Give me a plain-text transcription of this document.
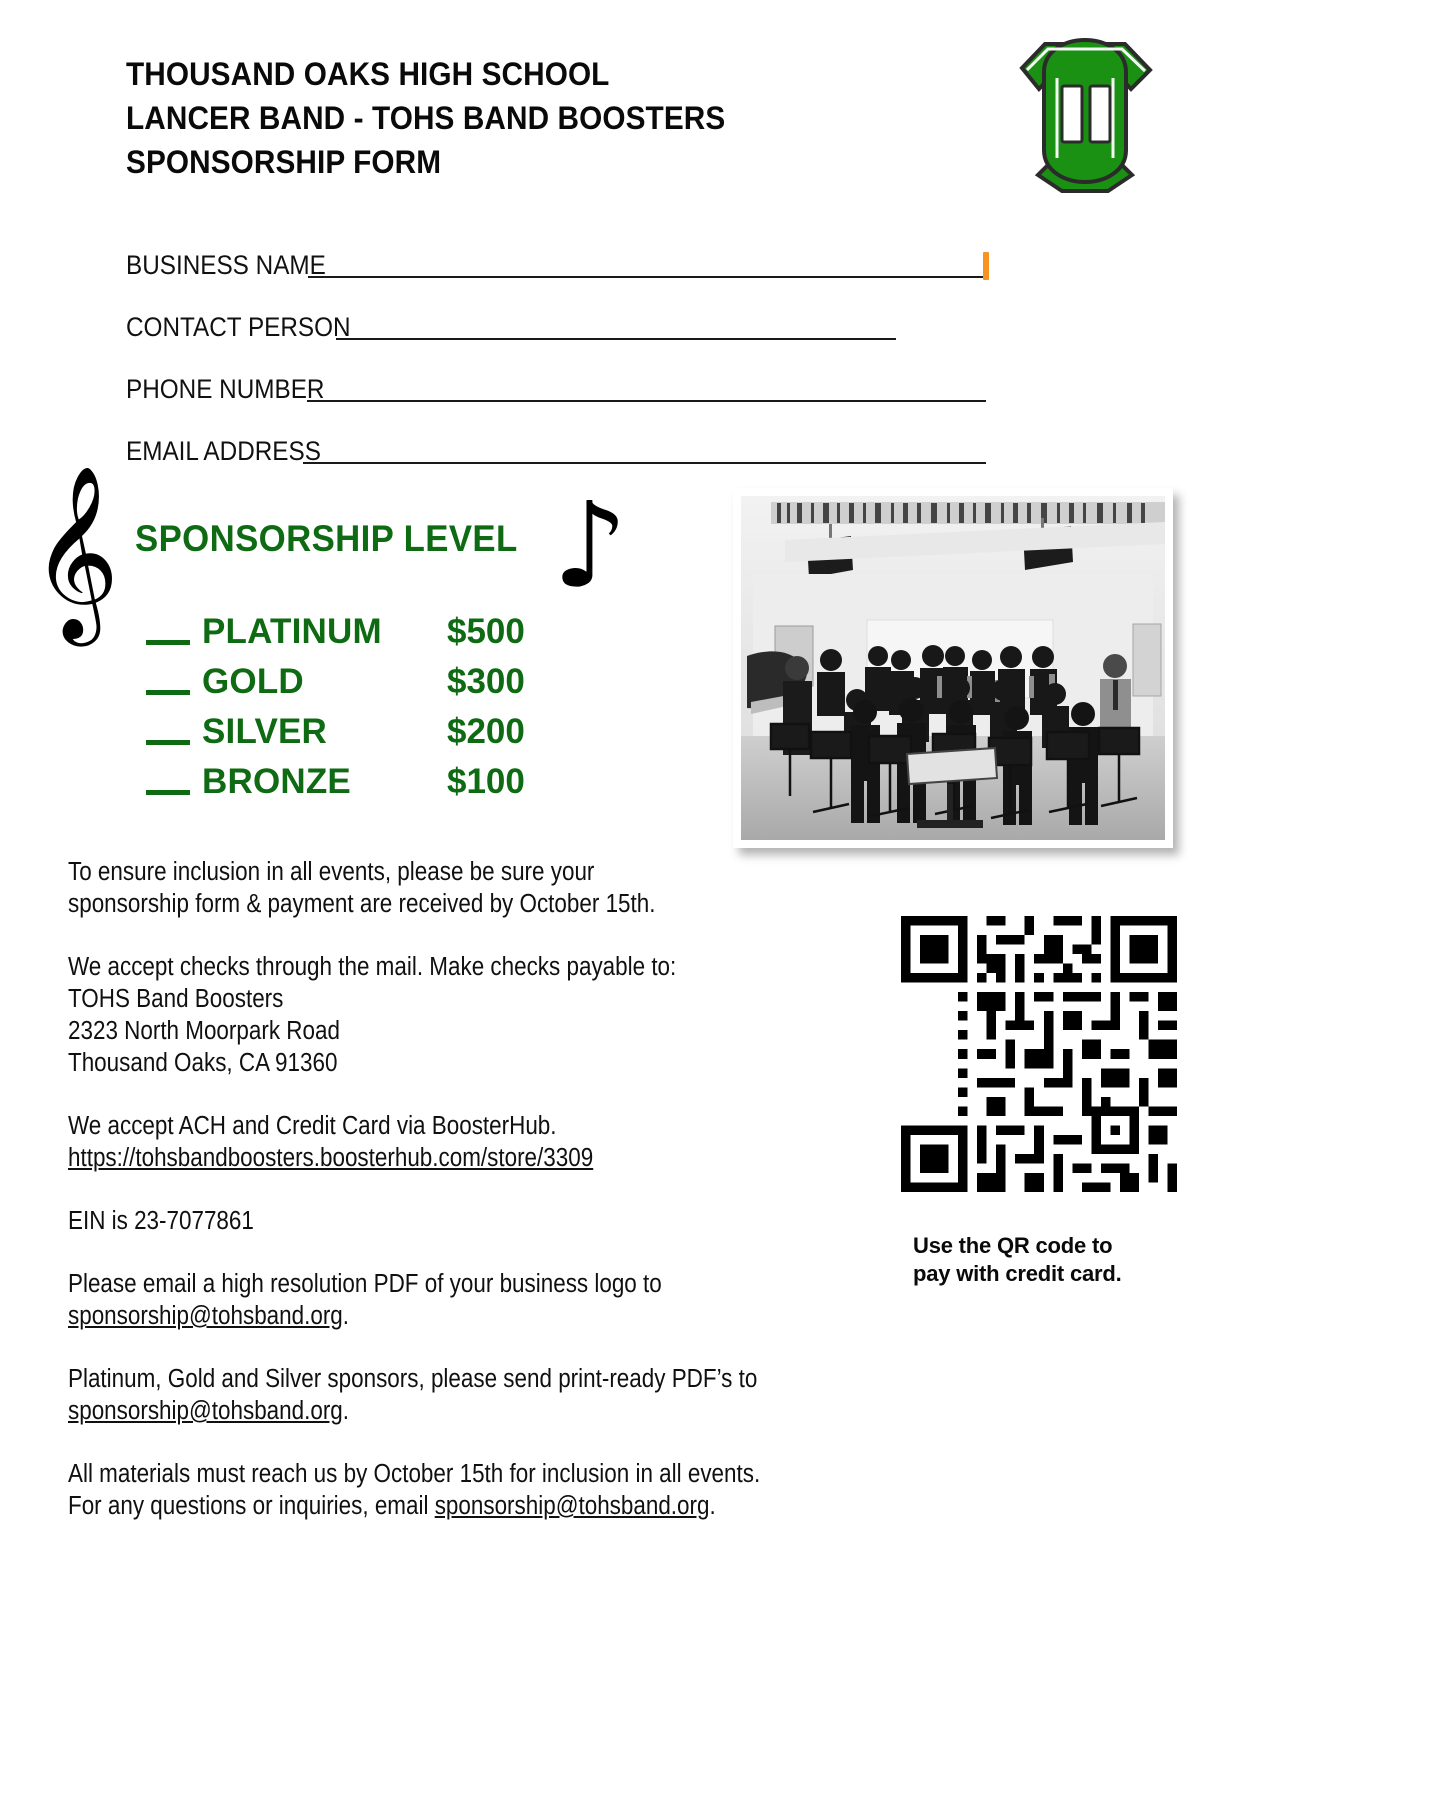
THOUSAND OAKS HIGH SCHOOL
LANCER BAND - TOHS BAND BOOSTERS
SPONSORSHIP FORM
BUSINESS NAME
CONTACT PERSON
PHONE NUMBER
EMAIL ADDRESS
𝄞	♪
SPONSORSHIP LEVEL
PLATINUM	$500
GOLD	$300
SILVER	$200
BRONZE	$100
Use the QR code to
pay with credit card.

To ensure inclusion in all events, please be sure your
sponsorship form & payment are received by October 15th.

We accept checks through the mail. Make checks payable to:
TOHS Band Boosters
2323 North Moorpark Road
Thousand Oaks, CA 91360

We accept ACH and Credit Card via BoosterHub.
https://tohsbandboosters.boosterhub.com/store/3309

EIN is 23-7077861

Please email a high resolution PDF of your business logo to
sponsorship@tohsband.org.

Platinum, Gold and Silver sponsors, please send print-ready PDF’s to
sponsorship@tohsband.org.

All materials must reach us by October 15th for inclusion in all events.
For any questions or inquiries, email sponsorship@tohsband.org.
